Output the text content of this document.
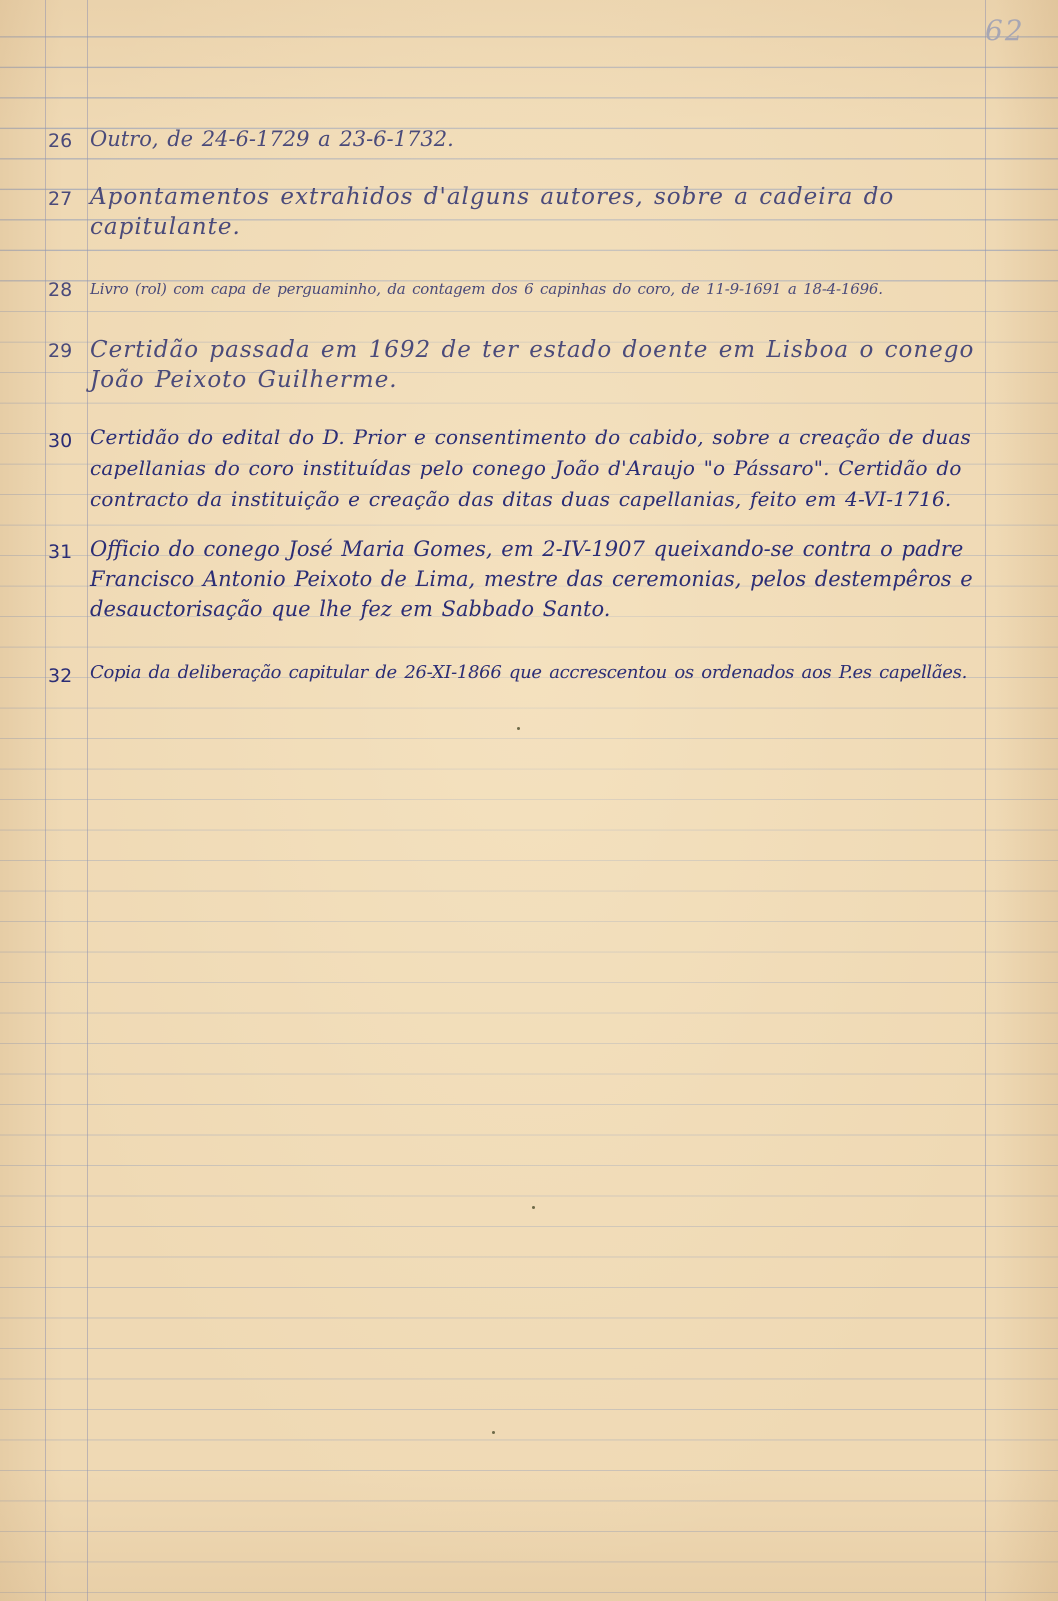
62
26 Outro, de 24-6-1729 a 23-6-1732.
27 Apontamentos extrahidos d'alguns autores, sobre a cadeira do capitulante.
28	Livro (rol) com capa de perguaminho, da contagem dos 6 capinhas do coro, de 11-9-1691 a 18-4-1696.
29 Certidão passada em 1692 de ter estado doente em Lisboa o conego João Peixoto Guilherme.
30 Certidão do edital do D. Prior e consentimento do cabido, sobre a creação de duas capellanias do coro instituídas pelo conego João d'Araujo "o Pássaro". Certidão do contracto da instituição e creação das ditas duas capellanias, feito em 4-VI-1716.
31 Officio do conego José Maria Gomes, em 2-IV-1907 queixando-se contra o padre Francisco Antonio Peixoto de Lima, mestre das ceremonias, pelos destempêros e desauctorisação que lhe fez em Sabbado Santo.
32 Copia da deliberação capitular de 26-XI-1866 que accrescentou os ordenados aos P.es capellães.
